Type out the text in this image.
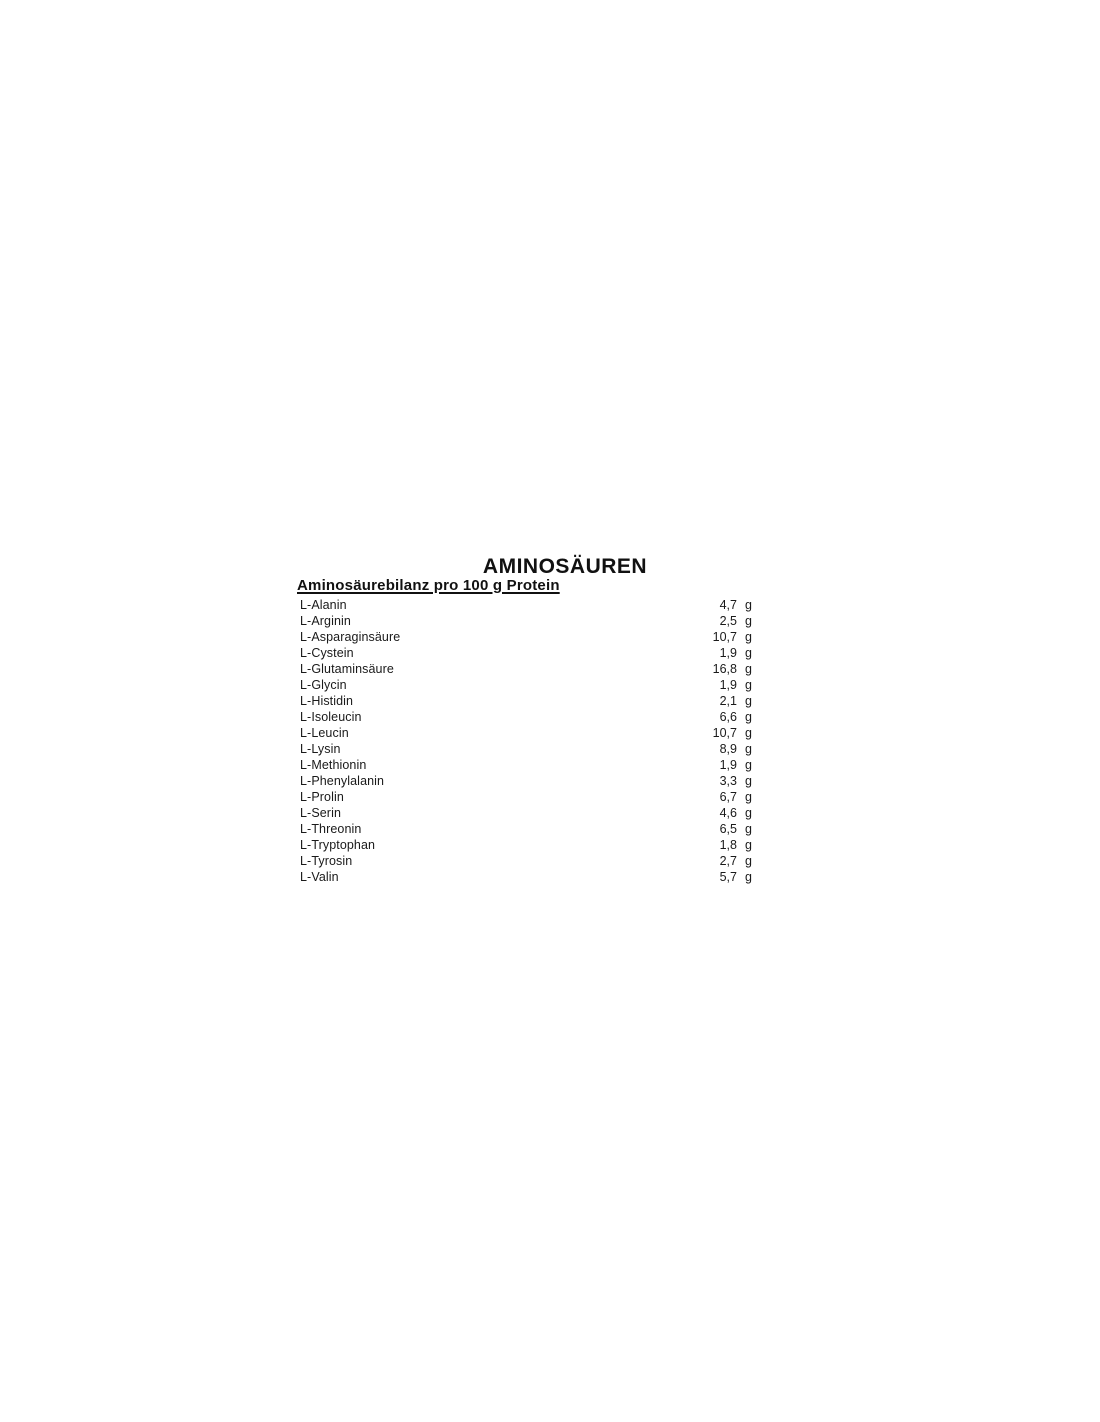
AMINOSÄUREN
Aminosäurebilanz pro 100 g Protein
L-Alanin	4,7 g
L-Arginin	2,5 g
L-Asparaginsäure	10,7 g
L-Cystein	1,9 g
L-Glutaminsäure	16,8 g
L-Glycin	1,9 g
L-Histidin	2,1 g
L-Isoleucin	6,6 g
L-Leucin	10,7 g
L-Lysin	8,9 g
L-Methionin	1,9 g
L-Phenylalanin	3,3 g
L-Prolin	6,7 g
L-Serin	4,6 g
L-Threonin	6,5 g
L-Tryptophan	1,8 g
L-Tyrosin	2,7 g
L-Valin	5,7 g
